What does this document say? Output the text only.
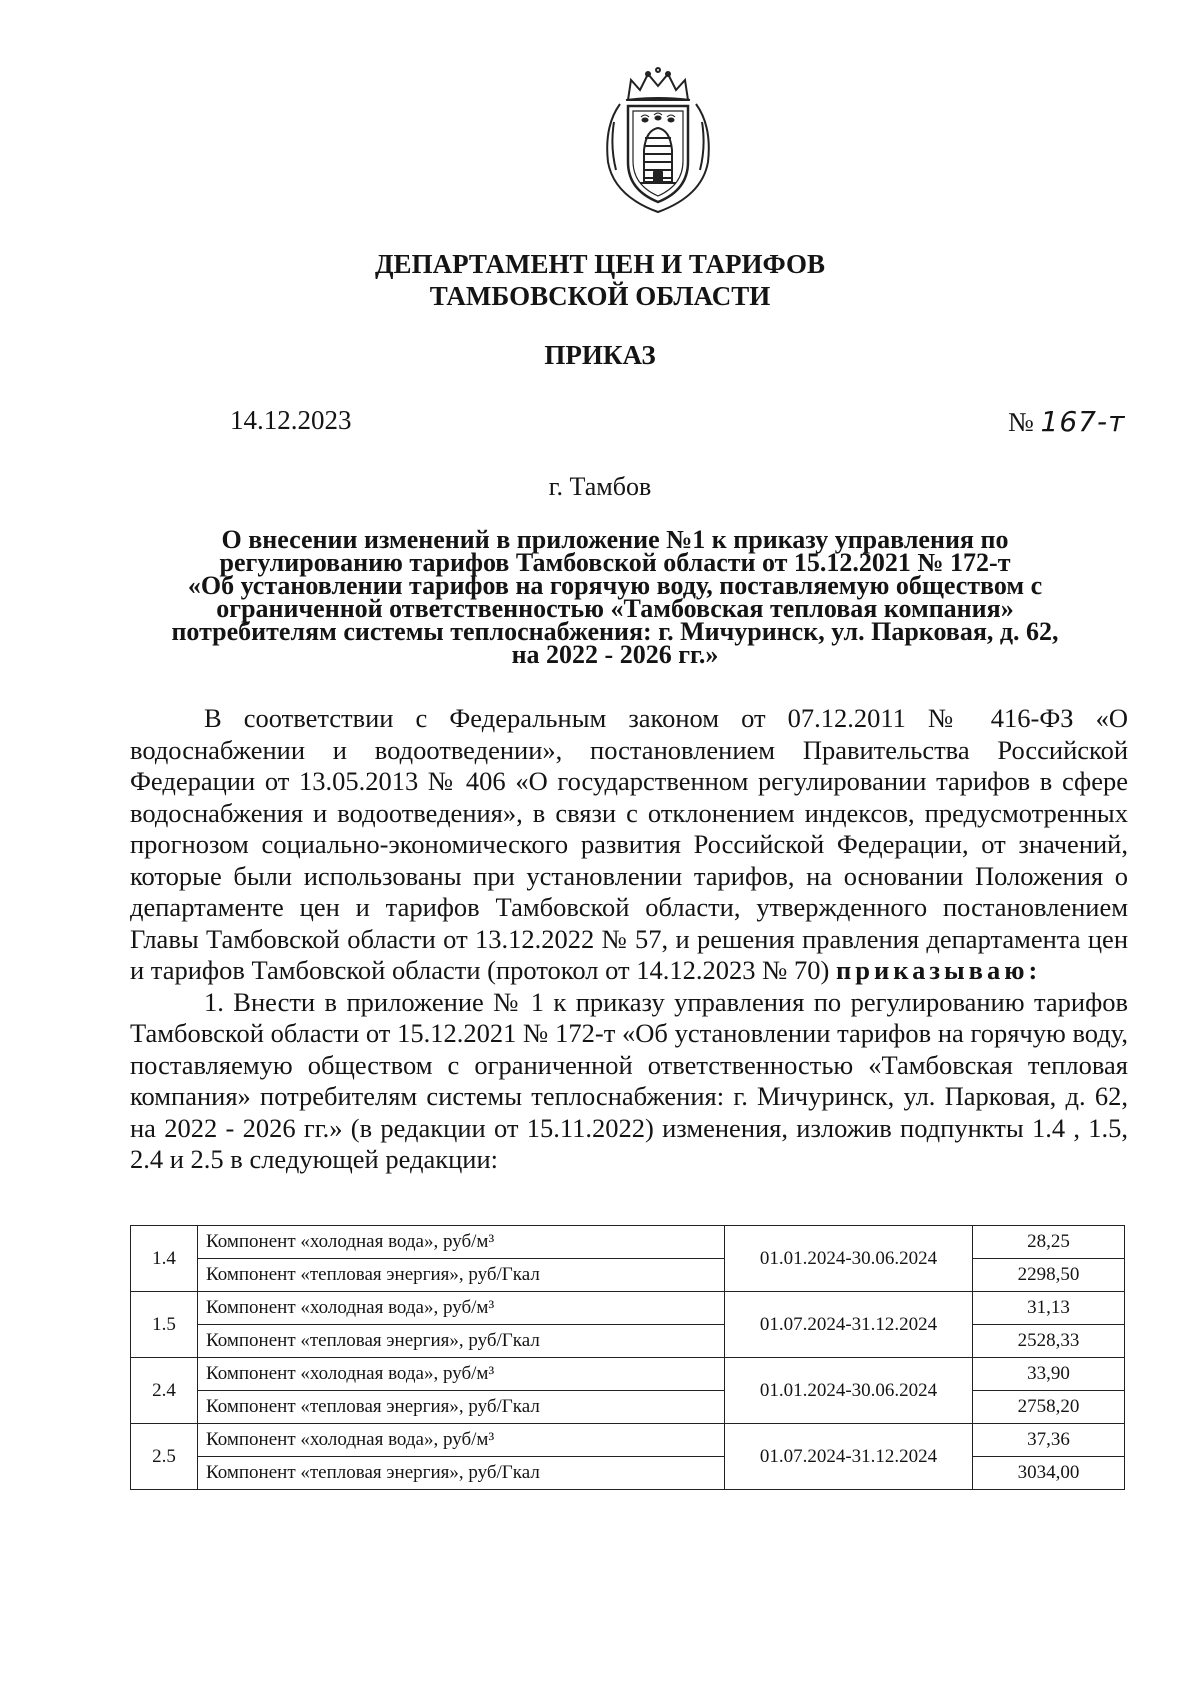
ДЕПАРТАМЕНТ ЦЕН И ТАРИФОВ
ТАМБОВСКОЙ ОБЛАСТИ
ПРИКАЗ
14.12.2023	№ 167-т
г. Тамбов
О внесении изменений в приложение №1 к приказу управления по
регулированию тарифов Тамбовской области от 15.12.2021 № 172-т
«Об установлении тарифов на горячую воду, поставляемую обществом с
ограниченной ответственностью «Тамбовская тепловая компания»
потребителям системы теплоснабжения: г. Мичуринск, ул. Парковая, д. 62,
на 2022 - 2026 гг.»

В соответствии с Федеральным законом от 07.12.2011 № 416-ФЗ «О водоснабжении и водоотведении», постановлением Правительства Российской Федерации от 13.05.2013 № 406 «О государственном регулировании тарифов в сфере водоснабжения и водоотведения», в связи с отклонением индексов, предусмотренных прогнозом социально-экономического развития Российской Федерации, от значений, которые были использованы при установлении тарифов, на основании Положения о департаменте цен и тарифов Тамбовской области, утвержденного постановлением Главы Тамбовской области от 13.12.2022 № 57, и решения правления департамента цен и тарифов Тамбовской области (протокол от 14.12.2023 № 70) приказываю:

1. Внести в приложение № 1 к приказу управления по регулированию тарифов Тамбовской области от 15.12.2021 № 172-т «Об установлении тарифов на горячую воду, поставляемую обществом с ограниченной ответственностью «Тамбовская тепловая компания» потребителям системы теплоснабжения: г. Мичуринск, ул. Парковая, д. 62, на 2022 - 2026 гг.» (в редакции от 15.11.2022) изменения, изложив подпункты 1.4 , 1.5, 2.4 и 2.5 в следующей редакции:

1.4	Компонент «холодная вода», руб/м³	01.01.2024-30.06.2024	28,25
	Компонент «тепловая энергия», руб/Гкал		2298,50
1.5	Компонент «холодная вода», руб/м³	01.07.2024-31.12.2024	31,13
	Компонент «тепловая энергия», руб/Гкал		2528,33
2.4	Компонент «холодная вода», руб/м³	01.01.2024-30.06.2024	33,90
	Компонент «тепловая энергия», руб/Гкал		2758,20
2.5	Компонент «холодная вода», руб/м³	01.07.2024-31.12.2024	37,36
	Компонент «тепловая энергия», руб/Гкал		3034,00
